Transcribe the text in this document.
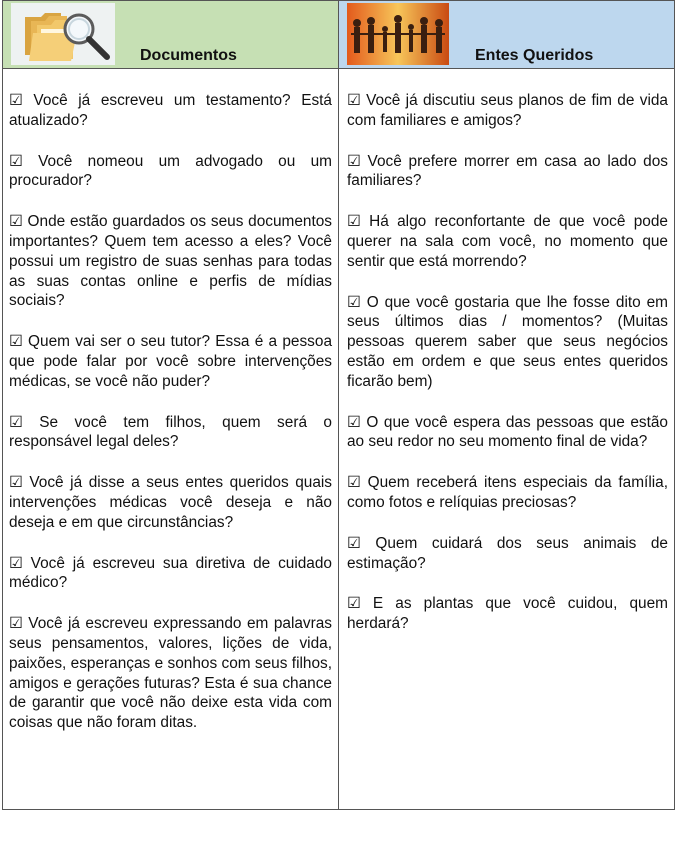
Documentos

☑ Você já escreveu um testamento? Está atualizado?

☑ Você nomeou um advogado ou um procurador?

☑ Onde estão guardados os seus documentos importantes? Quem tem acesso a eles? Você possui um registro de suas senhas para todas as suas contas online e perfis de mídias sociais?

☑ Quem vai ser o seu tutor? Essa é a pessoa que pode falar por você sobre intervenções médicas, se você não puder?

☑ Se você tem filhos, quem será o responsável legal deles?

☑ Você já disse a seus entes queridos quais intervenções médicas você deseja e não deseja e em que circunstâncias?

☑ Você já escreveu sua diretiva de cuidado médico?

☑ Você já escreveu expressando em palavras seus pensamentos, valores, lições de vida, paixões, esperanças e sonhos com seus filhos, amigos e gerações futuras? Esta é sua chance de garantir que você não deixe esta vida com coisas que não foram ditas.

Entes Queridos

☑ Você já discutiu seus planos de fim de vida com familiares e amigos?

☑ Você prefere morrer em casa ao lado dos familiares?

☑ Há algo reconfortante de que você pode querer na sala com você, no momento que sentir que está morrendo?

☑ O que você gostaria que lhe fosse dito em seus últimos dias / momentos? (Muitas pessoas querem saber que seus negócios estão em ordem e que seus entes queridos ficarão bem)

☑ O que você espera das pessoas que estão ao seu redor no seu momento final de vida?

☑ Quem receberá itens especiais da família, como fotos e relíquias preciosas?

☑ Quem cuidará dos seus animais de estimação?

☑ E as plantas que você cuidou, quem herdará?
